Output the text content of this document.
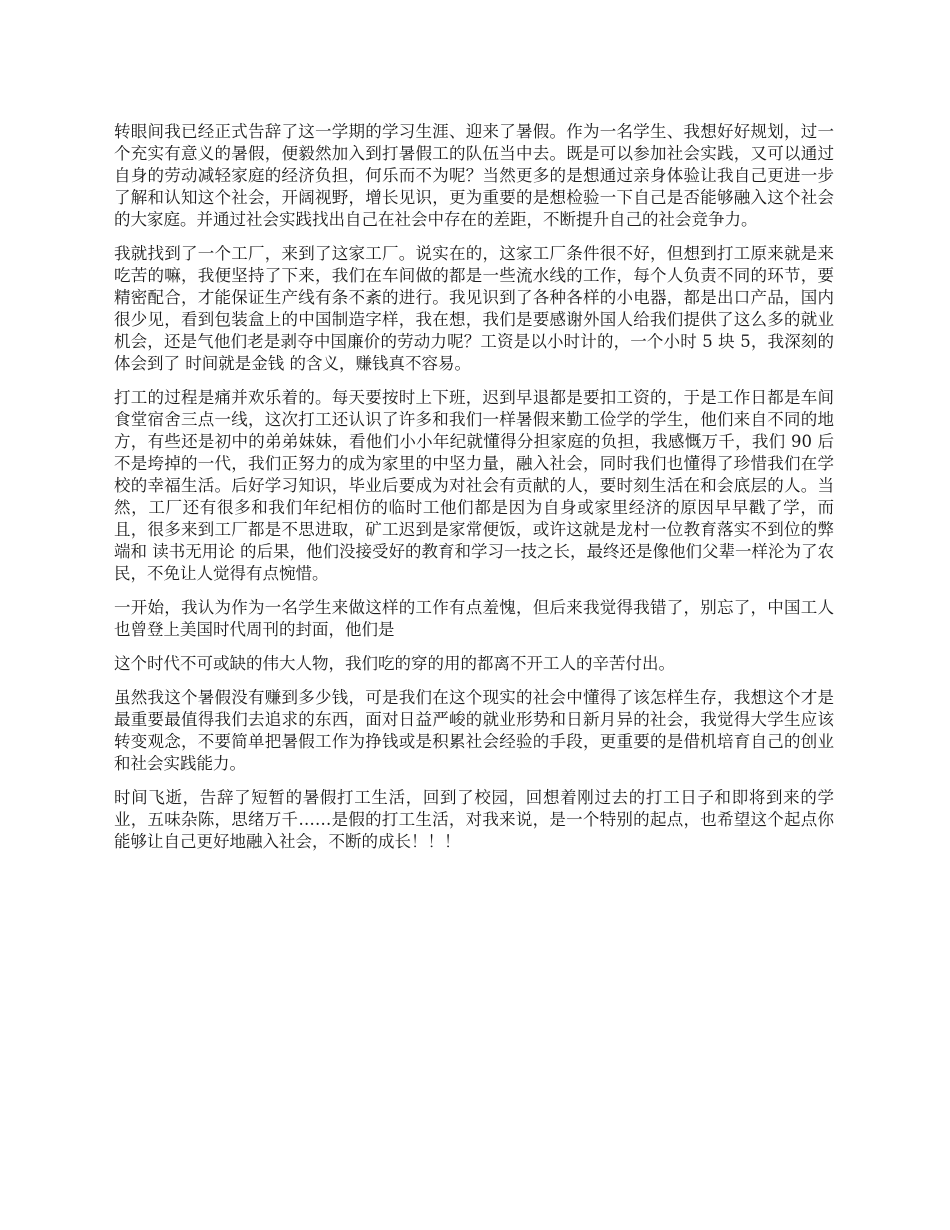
转眼间我已经正式告辞了这一学期的学习生涯、迎来了暑假。作为一名学生、我想好好规划，过一个充实有意义的暑假，便毅然加入到打暑假工的队伍当中去。既是可以参加社会实践，又可以通过自身的劳动减轻家庭的经济负担，何乐而不为呢？当然更多的是想通过亲身体验让我自己更进一步了解和认知这个社会，开阔视野，增长见识，更为重要的是想检验一下自己是否能够融入这个社会的大家庭。并通过社会实践找出自己在社会中存在的差距，不断提升自己的社会竞争力。

我就找到了一个工厂，来到了这家工厂。说实在的，这家工厂条件很不好，但想到打工原来就是来吃苦的嘛，我便坚持了下来，我们在车间做的都是一些流水线的工作，每个人负责不同的环节，要精密配合，才能保证生产线有条不紊的进行。我见识到了各种各样的小电器，都是出口产品，国内很少见，看到包装盒上的中国制造字样，我在想，我们是要感谢外国人给我们提供了这么多的就业机会，还是气他们老是剥夺中国廉价的劳动力呢？工资是以小时计的，一个小时 5 块 5，我深刻的体会到了 时间就是金钱 的含义，赚钱真不容易。

打工的过程是痛并欢乐着的。每天要按时上下班，迟到早退都是要扣工资的，于是工作日都是车间食堂宿舍三点一线，这次打工还认识了许多和我们一样暑假来勤工俭学的学生，他们来自不同的地方，有些还是初中的弟弟妹妹，看他们小小年纪就懂得分担家庭的负担，我感慨万千，我们 90 后不是垮掉的一代，我们正努力的成为家里的中坚力量，融入社会，同时我们也懂得了珍惜我们在学校的幸福生活。后好学习知识，毕业后要成为对社会有贡献的人，要时刻生活在和会底层的人。当然，工厂还有很多和我们年纪相仿的临时工他们都是因为自身或家里经济的原因早早戳了学，而且，很多来到工厂都是不思进取，矿工迟到是家常便饭，或许这就是龙村一位教育落实不到位的弊端和 读书无用论 的后果，他们没接受好的教育和学习一技之长，最终还是像他们父辈一样沦为了农民，不免让人觉得有点惋惜。

一开始，我认为作为一名学生来做这样的工作有点羞愧，但后来我觉得我错了，别忘了，中国工人也曾登上美国时代周刊的封面，他们是

这个时代不可或缺的伟大人物，我们吃的穿的用的都离不开工人的辛苦付出。

虽然我这个暑假没有赚到多少钱，可是我们在这个现实的社会中懂得了该怎样生存，我想这个才是最重要最值得我们去追求的东西，面对日益严峻的就业形势和日新月异的社会，我觉得大学生应该转变观念，不要简单把暑假工作为挣钱或是积累社会经验的手段，更重要的是借机培育自己的创业和社会实践能力。

时间飞逝，告辞了短暂的暑假打工生活，回到了校园，回想着刚过去的打工日子和即将到来的学业，五味杂陈，思绪万千……是假的打工生活，对我来说，是一个特别的起点，也希望这个起点你能够让自己更好地融入社会，不断的成长！！！
